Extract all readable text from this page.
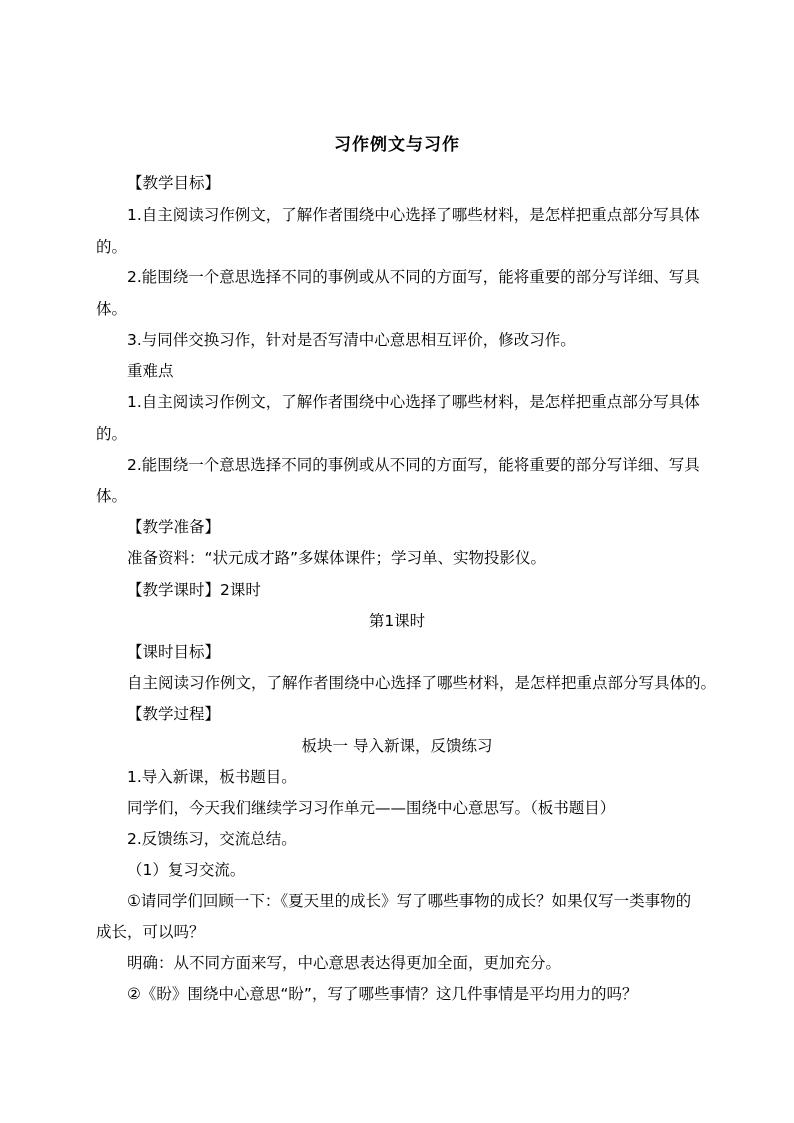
习作例文与习作
【教学目标】
1.自主阅读习作例文，了解作者围绕中心选择了哪些材料，是怎样把重点部分写具体
的。
2.能围绕一个意思选择不同的事例或从不同的方面写，能将重要的部分写详细、写具
体。
3.与同伴交换习作，针对是否写清中心意思相互评价，修改习作。
重难点
1.自主阅读习作例文，了解作者围绕中心选择了哪些材料，是怎样把重点部分写具体
的。
2.能围绕一个意思选择不同的事例或从不同的方面写，能将重要的部分写详细、写具
体。
【教学准备】
准备资料：“状元成才路”多媒体课件；学习单、实物投影仪。
【教学课时】2课时
第1课时
【课时目标】
自主阅读习作例文，了解作者围绕中心选择了哪些材料，是怎样把重点部分写具体的。
【教学过程】
板块一 导入新课，反馈练习
1.导入新课，板书题目。
同学们，今天我们继续学习习作单元——围绕中心意思写。（板书题目）
2.反馈练习，交流总结。
（1）复习交流。
①请同学们回顾一下：《夏天里的成长》写了哪些事物的成长？如果仅写一类事物的
成长，可以吗？
明确：从不同方面来写，中心意思表达得更加全面，更加充分。
②《盼》围绕中心意思“盼”，写了哪些事情？这几件事情是平均用力的吗？
